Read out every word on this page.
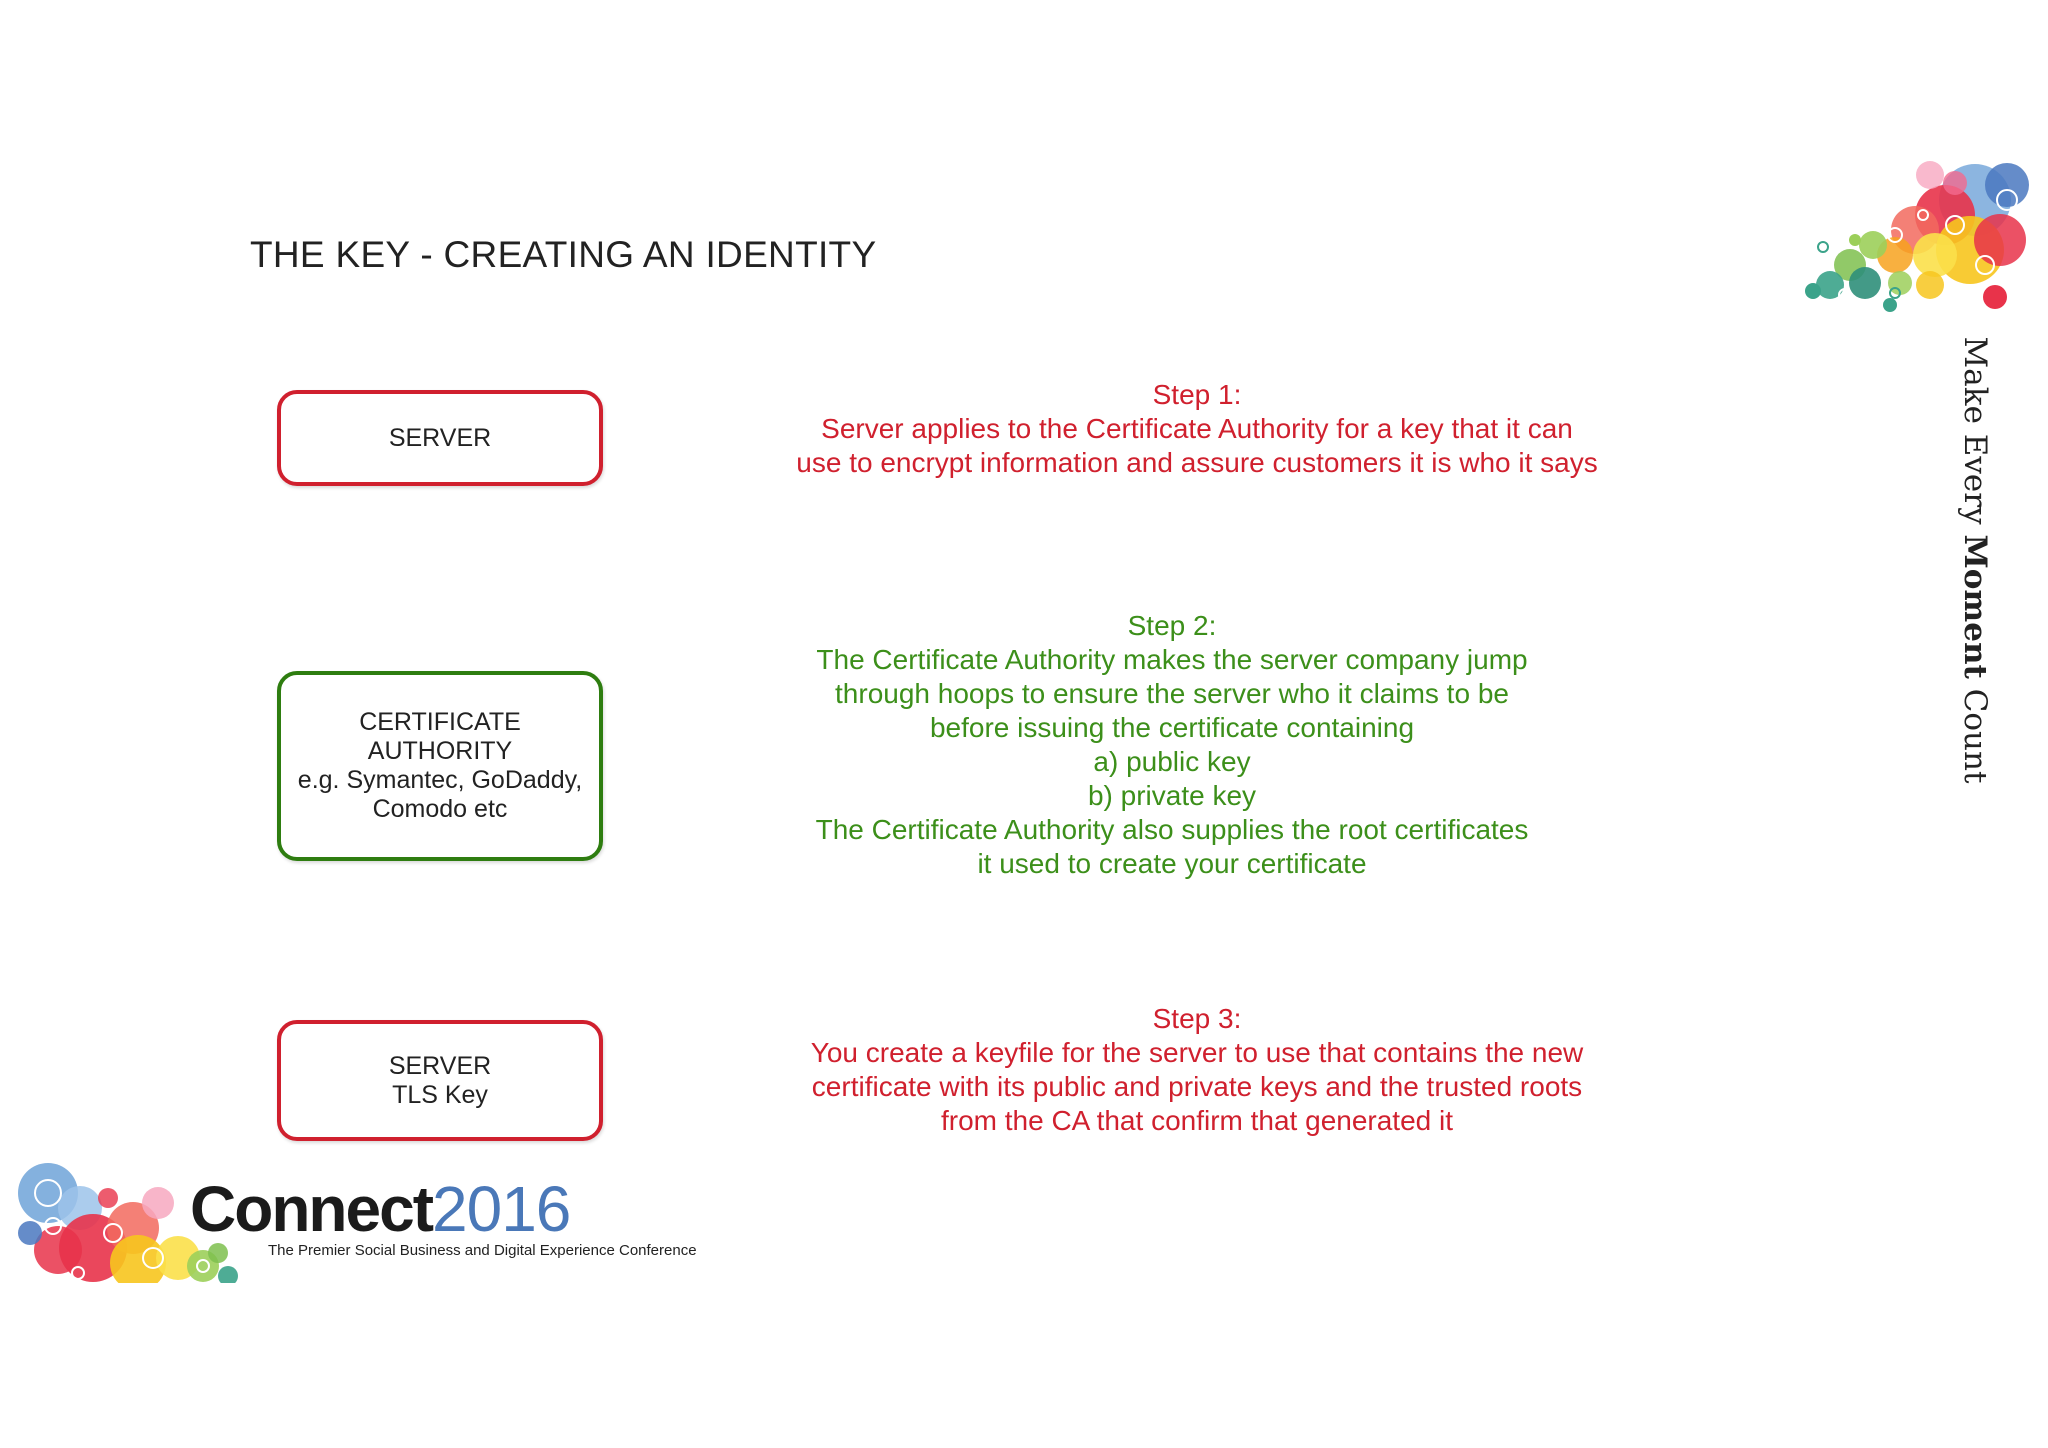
THE KEY - CREATING AN IDENTITY
SERVER
CERTIFICATE
AUTHORITY
e.g. Symantec, GoDaddy,
Comodo etc
SERVER
TLS Key
Step 1:
Server applies to the Certificate Authority for a key that it can
use to encrypt information and assure customers it is who it says
Step 2:
The Certificate Authority makes the server company jump
through hoops to ensure the server who it claims to be
before issuing the certificate containing
a) public key
b) private key
The Certificate Authority also supplies the root certificates
it used to create your certificate
Step 3:
You create a keyfile for the server to use that contains the new
certificate with its public and private keys and the trusted roots
from the CA that confirm that generated it
Make Every Moment Count
Connect2016
The Premier Social Business and Digital Experience Conference
